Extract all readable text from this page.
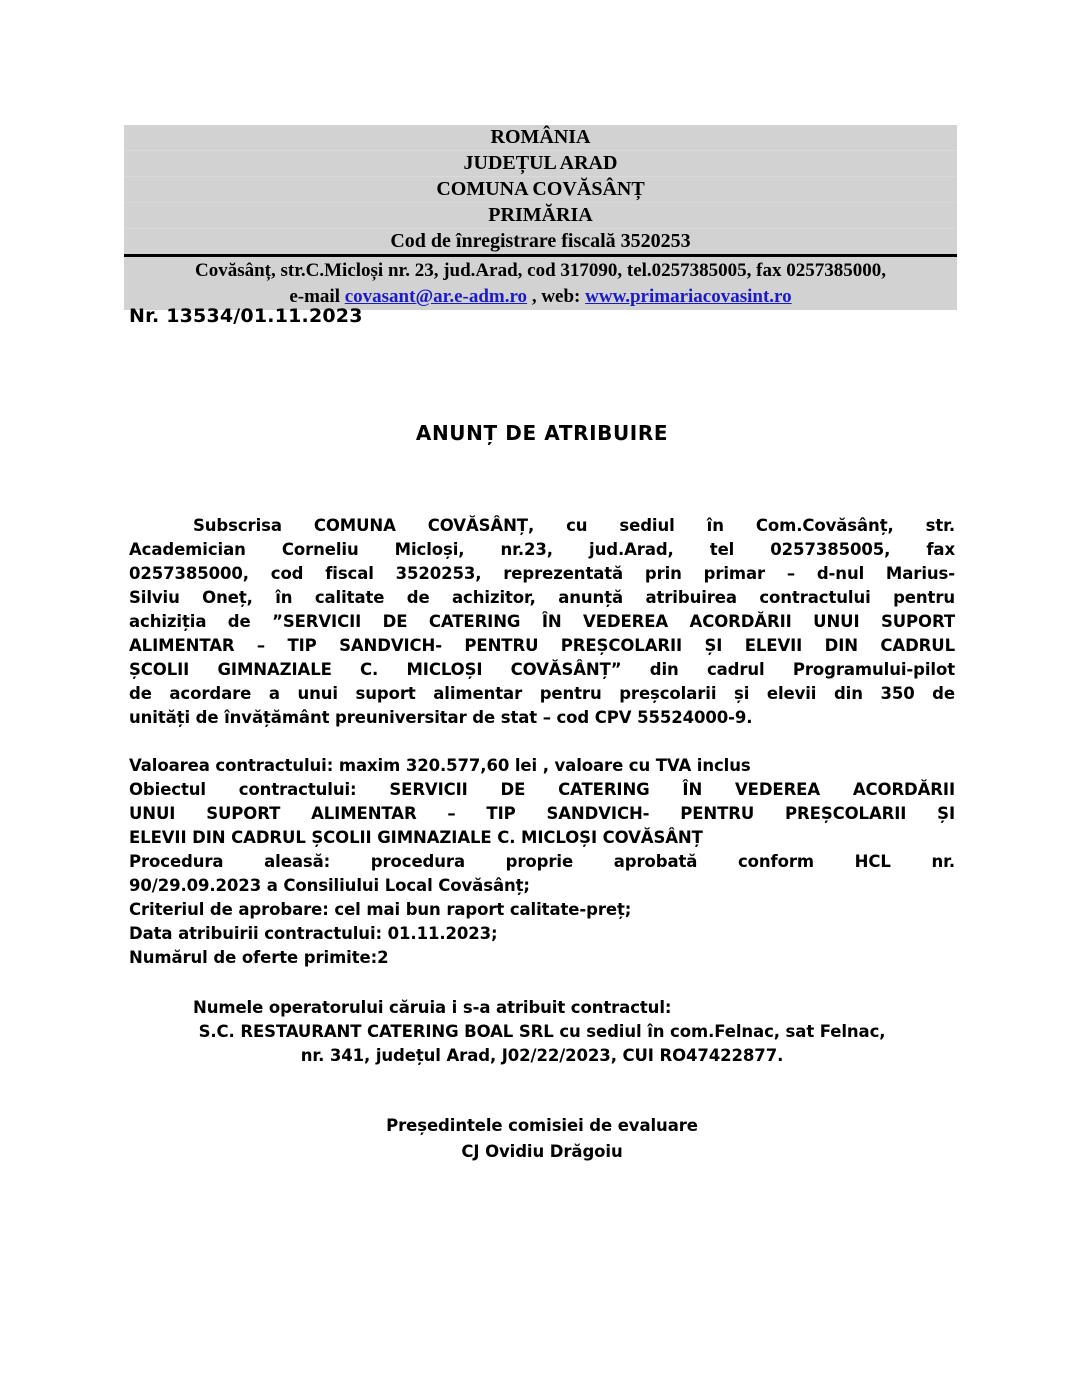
ROMÂNIA
JUDEȚUL ARAD
COMUNA COVĂSÂNȚ
PRIMĂRIA
Cod de înregistrare fiscală 3520253
Covăsânț, str.C.Micloși nr. 23, jud.Arad, cod 317090, tel.0257385005, fax 0257385000,
e-mail covasant@ar.e-adm.ro , web: www.primariacovasint.ro
Nr. 13534/01.11.2023
ANUNȚ DE ATRIBUIRE
Subscrisa COMUNA COVĂSÂNȚ, cu sediul în Com.Covăsânț, str.
Academician Corneliu Micloși, nr.23, jud.Arad, tel 0257385005, fax
0257385000, cod fiscal 3520253, reprezentată prin primar – d-nul Marius-
Silviu Oneț, în calitate de achizitor, anunță atribuirea contractului pentru
achiziția de ”SERVICII DE CATERING ÎN VEDEREA ACORDĂRII UNUI SUPORT
ALIMENTAR – TIP SANDVICH- PENTRU PREȘCOLARII ȘI ELEVII DIN CADRUL
ȘCOLII GIMNAZIALE C. MICLOȘI COVĂSÂNȚ” din cadrul Programului-pilot
de acordare a unui suport alimentar pentru preșcolarii și elevii din 350 de
unități de învățământ preuniversitar de stat – cod CPV 55524000-9.
Valoarea contractului: maxim 320.577,60 lei , valoare cu TVA inclus
Obiectul contractului: SERVICII DE CATERING ÎN VEDEREA ACORDĂRII
UNUI SUPORT ALIMENTAR – TIP SANDVICH- PENTRU PREȘCOLARII ȘI
ELEVII DIN CADRUL ȘCOLII GIMNAZIALE C. MICLOȘI COVĂSÂNȚ
Procedura aleasă: procedura proprie aprobată conform HCL nr.
90/29.09.2023 a Consiliului Local Covăsânț;
Criteriul de aprobare: cel mai bun raport calitate-preț;
Data atribuirii contractului: 01.11.2023;
Numărul de oferte primite:2
Numele operatorului căruia i s-a atribuit contractul:
S.C. RESTAURANT CATERING BOAL SRL cu sediul în com.Felnac, sat Felnac,
nr. 341, județul Arad, J02/22/2023, CUI RO47422877.
Președintele comisiei de evaluare
CJ Ovidiu Drăgoiu
